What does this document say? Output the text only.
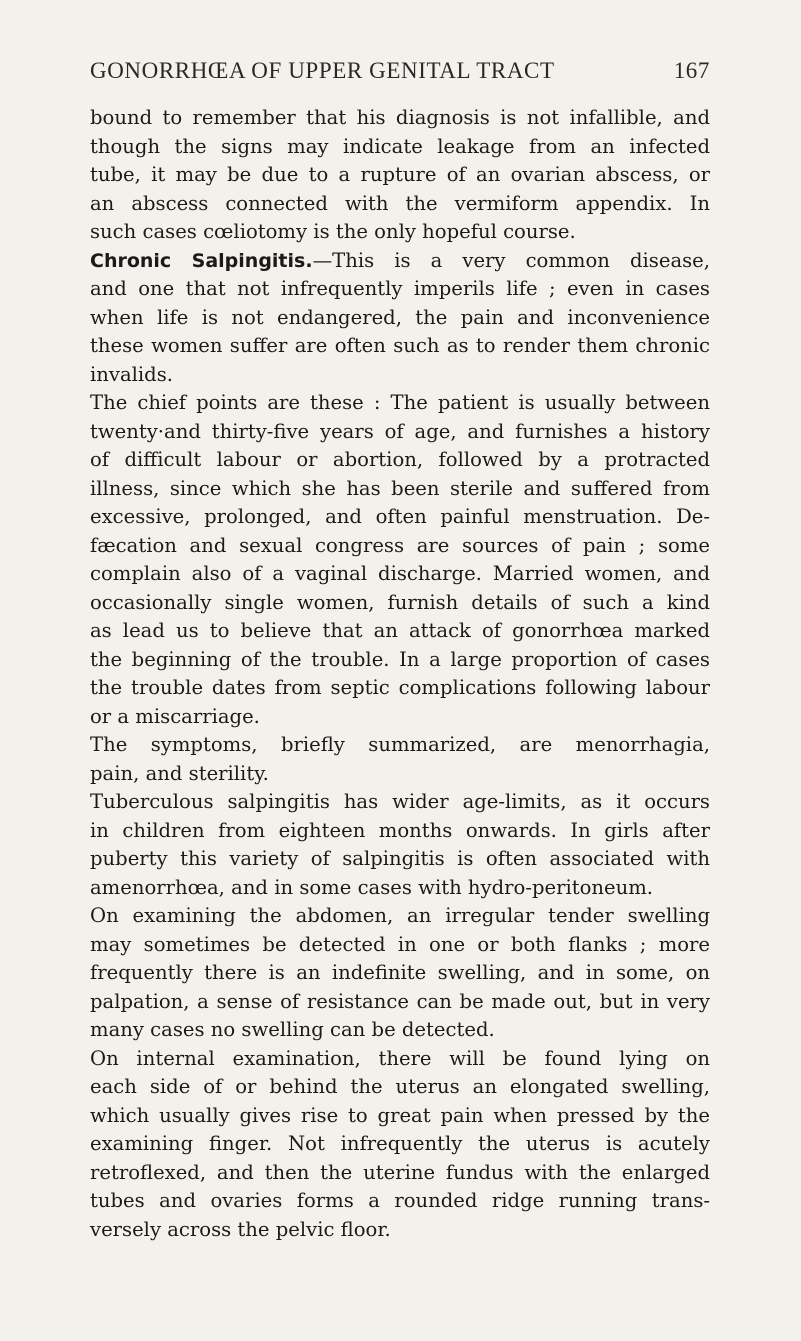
GONORRHŒA OF UPPER GENITAL TRACT	167
bound to remember that his diagnosis is not infallible, and
though the signs may indicate leakage from an infected
tube, it may be due to a rupture of an ovarian abscess, or
an abscess connected with the vermiform appendix. In
such cases cœliotomy is the only hopeful course.
Chronic Salpingitis.—This is a very common disease,
and one that not infrequently imperils life ; even in cases
when life is not endangered, the pain and inconvenience
these women suffer are often such as to render them chronic
invalids.
The chief points are these : The patient is usually between
twenty·and thirty-five years of age, and furnishes a history
of difficult labour or abortion, followed by a protracted
illness, since which she has been sterile and suffered from
excessive, prolonged, and often painful menstruation. De-
fæcation and sexual congress are sources of pain ; some
complain also of a vaginal discharge. Married women, and
occasionally single women, furnish details of such a kind
as lead us to believe that an attack of gonorrhœa marked
the beginning of the trouble. In a large proportion of cases
the trouble dates from septic complications following labour
or a miscarriage.
The symptoms, briefly summarized, are menorrhagia,
pain, and sterility.
Tuberculous salpingitis has wider age-limits, as it occurs
in children from eighteen months onwards. In girls after
puberty this variety of salpingitis is often associated with
amenorrhœa, and in some cases with hydro-peritoneum.
On examining the abdomen, an irregular tender swelling
may sometimes be detected in one or both flanks ; more
frequently there is an indefinite swelling, and in some, on
palpation, a sense of resistance can be made out, but in very
many cases no swelling can be detected.
On internal examination, there will be found lying on
each side of or behind the uterus an elongated swelling,
which usually gives rise to great pain when pressed by the
examining finger. Not infrequently the uterus is acutely
retroflexed, and then the uterine fundus with the enlarged
tubes and ovaries forms a rounded ridge running trans-
versely across the pelvic floor.
